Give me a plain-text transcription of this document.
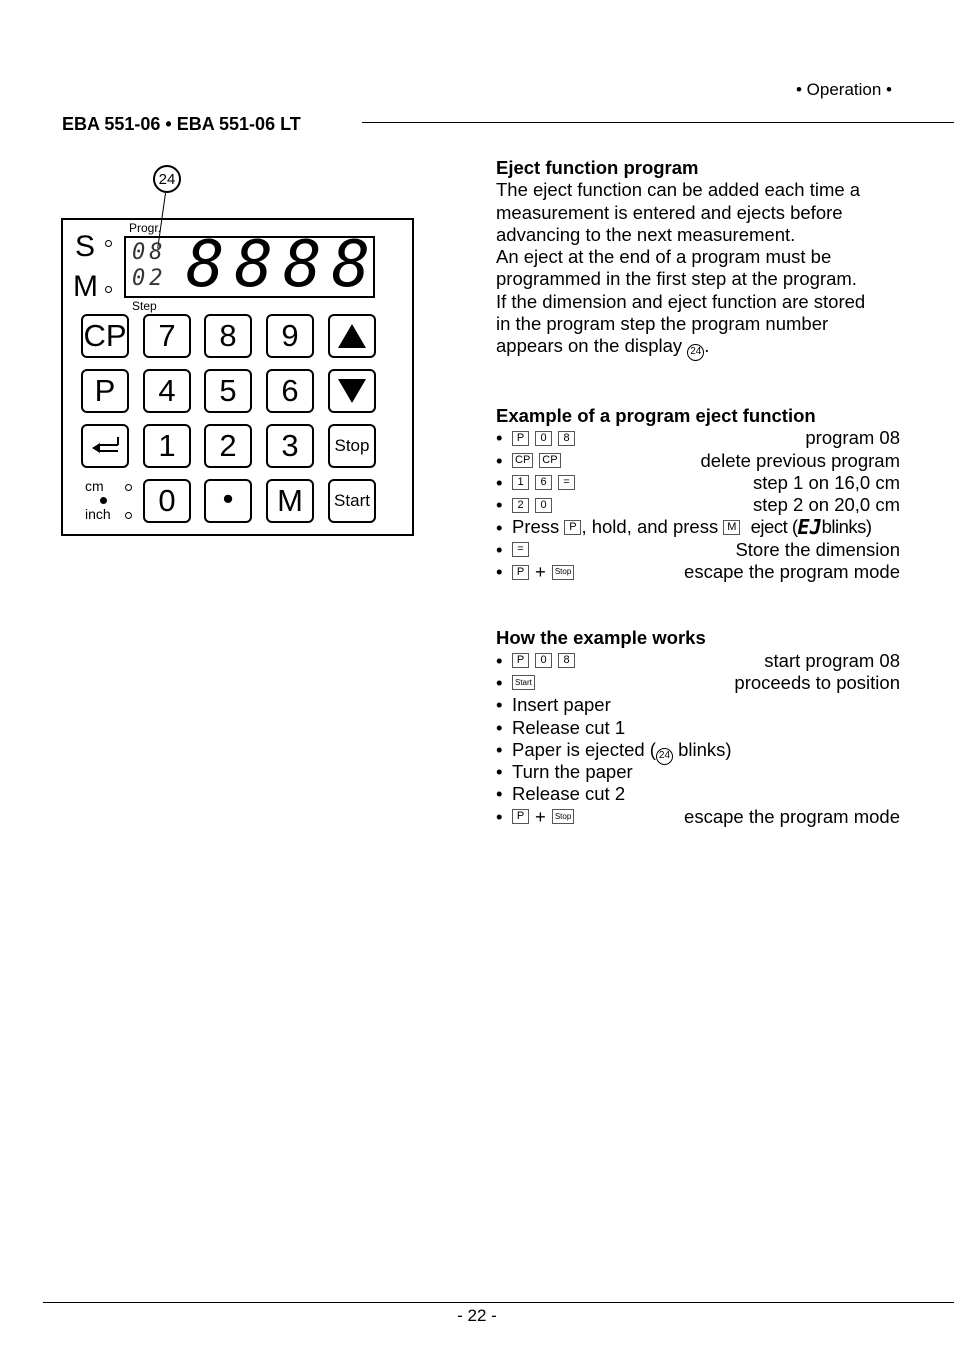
• Operation •
EBA 551-06 • EBA 551-06 LT
24
Progr.
Step
S
M
08
02 8888
CP	7	8	9
P	4	5	6
1	2	3	Stop
cm
inch	0	•	M	Start
Eject function program
The eject function can be added each time a
measurement is entered and ejects before
advancing to the next measurement.
An eject at the end of a program must be
programmed in the first step at the program.
If the dimension and eject function are stored
in the program step the program number
appears on the display 24 .
Example of a program eject function
•	P	0	8	program 08
• CP CP	delete previous program
•	1	6	=	step 1 on 16,0 cm
•	2	0	step 2 on 20,0 cm
• Press
P , hold, and press
M
eject ( EJ blinks)
•	=	Store the dimension
•	P +	Stop	escape the program mode
How the example works
•	P	0	8	start program 08
•	Start	proceeds to position
• Insert paper
• Release cut 1
• Paper is ejected ( 24 blinks)
• Turn the paper
• Release cut 2
•	P +	Stop	escape the program mode
- 22 -
